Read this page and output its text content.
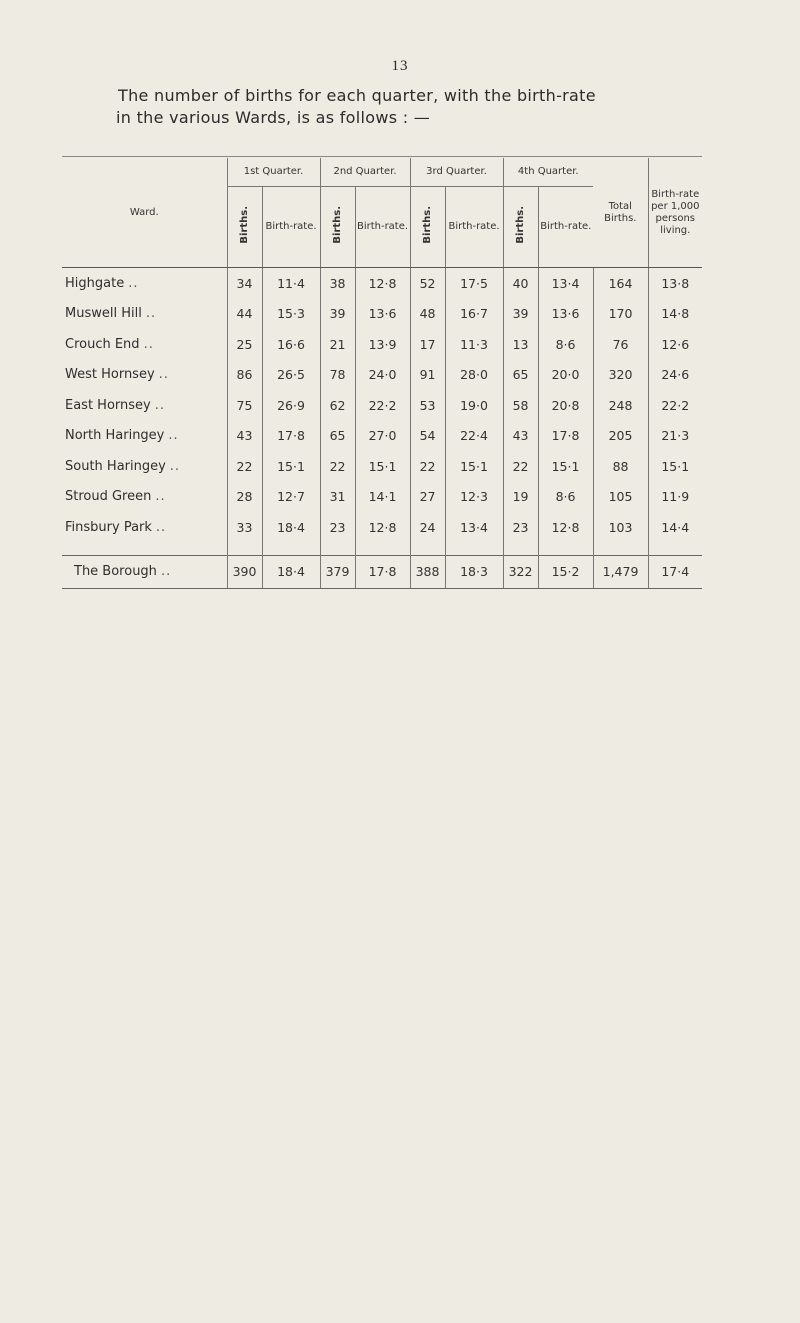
13

The number of births for each quarter, with the birth-rate

in the various Wards, is as follows : —

Ward.	1st Quarter.		2nd Quarter.		3rd Quarter.		4th Quarter.		Total Births.	Birth-rate per 1,000 persons living.
	Births.	Birth-rate.	Births.	Birth-rate.	Births.	Birth-rate.	Births.	Birth-rate.		
Highgate ..	34	11·4	38	12·8	52	17·5	40	13·4	164	13·8
Muswell Hill ..	44	15·3	39	13·6	48	16·7	39	13·6	170	14·8
Crouch End ..	25	16·6	21	13·9	17	11·3	13	8·6	76	12·6
West Hornsey ..	86	26·5	78	24·0	91	28·0	65	20·0	320	24·6
East Hornsey ..	75	26·9	62	22·2	53	19·0	58	20·8	248	22·2
North Haringey ..	43	17·8	65	27·0	54	22·4	43	17·8	205	21·3
South Haringey ..	22	15·1	22	15·1	22	15·1	22	15·1	88	15·1
Stroud Green ..	28	12·7	31	14·1	27	12·3	19	8·6	105	11·9
Finsbury Park ..	33	18·4	23	12·8	24	13·4	23	12·8	103	14·4

The Borough ..	390	18·4	379	17·8	388	18·3	322	15·2	1,479	17·4
